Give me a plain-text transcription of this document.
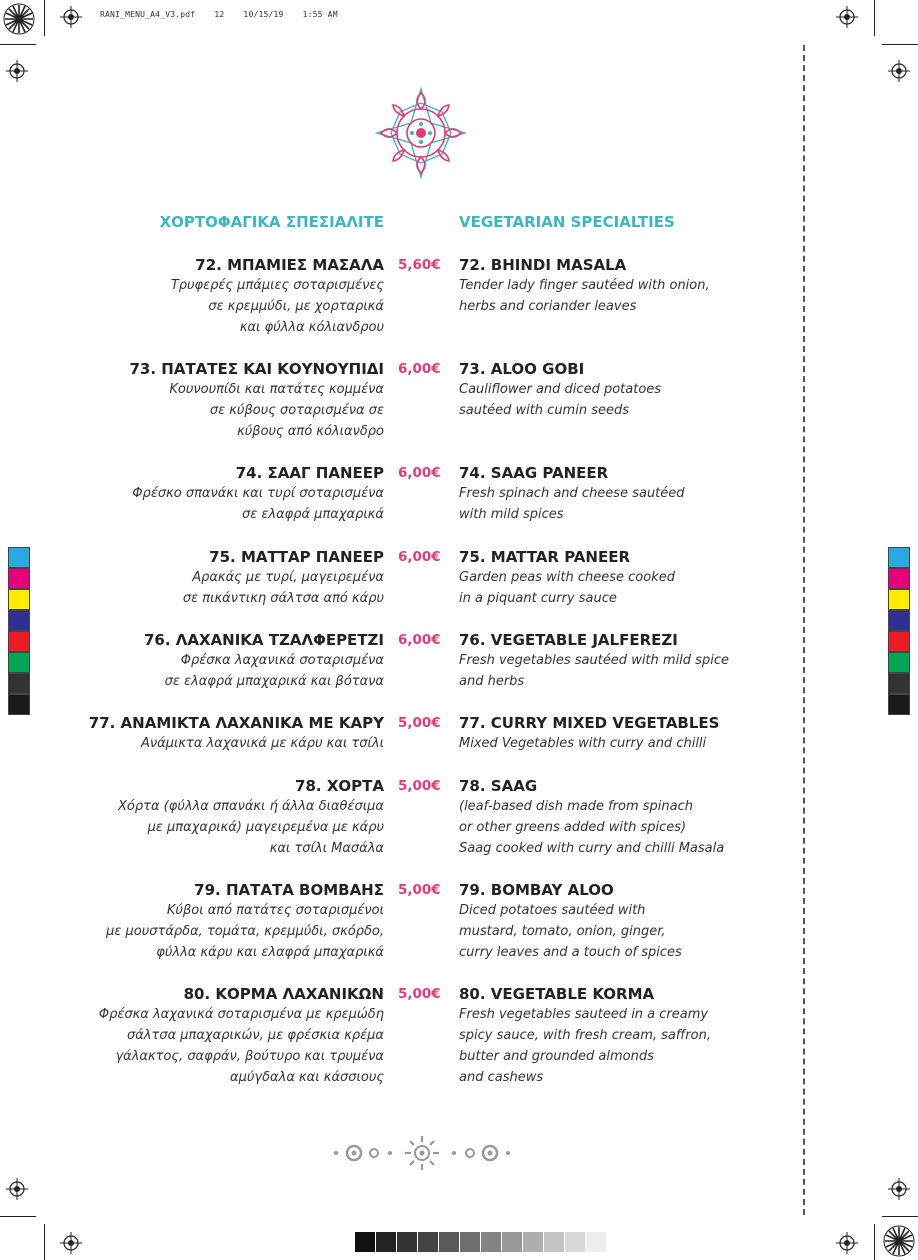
RANI_MENU_A4_V3.pdf 12 10/15/19 1:55 AM
ΧΟΡΤΟΦΑΓΙΚΑ ΣΠΕΣΙΑΛΙΤΕ	VEGETARIAN SPECIALTIES
72. ΜΠΑΜΙΕΣ ΜΑΣΑΛΑ
Τρυφερές μπάμιες σοταρισμένες
σε κρεμμύδι, με χορταρικά
και φύλλα κόλιανδρου
5,60€	72. BHINDI MASALA
Tender lady finger sautéed with onion,
herbs and coriander leaves
73. ΠΑΤΑΤΕΣ ΚΑΙ ΚΟΥΝΟΥΠΙΔΙ
Κουνουπίδι και πατάτες κομμένα
σε κύβους σοταρισμένα σε
κύβους από κόλιανδρο
6,00€	73. ALOO GOBI
Cauliflower and diced potatoes
sautéed with cumin seeds
74. ΣΑΑΓ ΠΑΝΕΕΡ
Φρέσκο σπανάκι και τυρί σοταρισμένα
σε ελαφρά μπαχαρικά
6,00€	74. SAAG PANEER
Fresh spinach and cheese sautéed
with mild spices
75. ΜΑΤΤΑΡ ΠΑΝΕΕΡ
Αρακάς με τυρί, μαγειρεμένα
σε πικάντικη σάλτσα από κάρυ
6,00€	75. MATTAR PANEER
Garden peas with cheese cooked
in a piquant curry sauce
76. ΛΑΧΑΝΙΚΑ ΤΖΑΛΦΕΡΕΤΖΙ
Φρέσκα λαχανικά σοταρισμένα
σε ελαφρά μπαχαρικά και βότανα
6,00€	76. VEGETABLE JALFEREZI
Fresh vegetables sautéed with mild spice
and herbs
77. ΑΝΑΜΙΚΤΑ ΛΑΧΑΝΙΚΑ ΜΕ ΚΑΡΥ
Ανάμικτα λαχανικά με κάρυ και τσίλι
5,00€	77. CURRY MIXED VEGETABLES
Mixed Vegetables with curry and chilli
78. ΧΟΡΤΑ
Χόρτα (φύλλα σπανάκι ή άλλα διαθέσιμα
με μπαχαρικά) μαγειρεμένα με κάρυ
και τσίλι Μασάλα
5,00€	78. SAAG
(leaf-based dish made from spinach
or other greens added with spices)
Saag cooked with curry and chilli Masala
79. ΠΑΤΑΤΑ ΒΟΜΒΑΗΣ
Κύβοι από πατάτες σοταρισμένοι
με μουστάρδα, τομάτα, κρεμμύδι, σκόρδο,
φύλλα κάρυ και ελαφρά μπαχαρικά
5,00€	79. BOMBAY ALOO
Diced potatoes sautéed with
mustard, tomato, onion, ginger,
curry leaves and a touch of spices
80. ΚΟΡΜΑ ΛΑΧΑΝΙΚΩΝ
Φρέσκα λαχανικά σοταρισμένα με κρεμώδη
σάλτσα μπαχαρικών, με φρέσκια κρέμα
γάλακτος, σαφράν, βούτυρο και τρυμένα
αμύγδαλα και κάσσιους
5,00€	80. VEGETABLE KORMA
Fresh vegetables sauteed in a creamy
spicy sauce, with fresh cream, saffron,
butter and grounded almonds
and cashews
